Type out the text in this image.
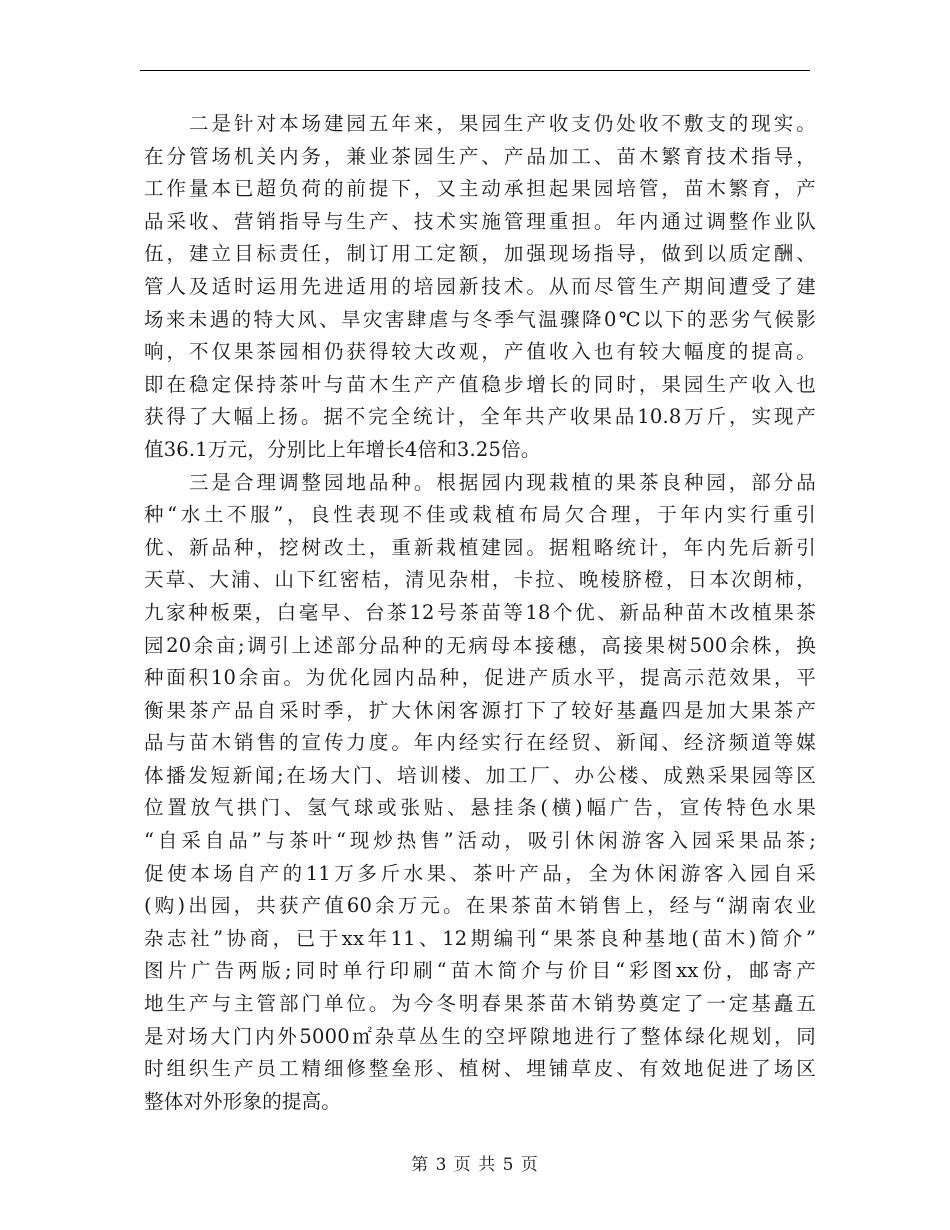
　　二是针对本场建园五年来，果园生产收支仍处收不敷支的现实。
在分管场机关内务，兼业茶园生产、产品加工、苗木繁育技术指导，
工作量本已超负荷的前提下，又主动承担起果园培管，苗木繁育，产
品采收、营销指导与生产、技术实施管理重担。年内通过调整作业队
伍，建立目标责任，制订用工定额，加强现场指导，做到以质定酬、
管人及适时运用先进适用的培园新技术。从而尽管生产期间遭受了建
场来未遇的特大风、旱灾害肆虐与冬季气温骤降0℃以下的恶劣气候影
响，不仅果茶园相仍获得较大改观，产值收入也有较大幅度的提高。
即在稳定保持茶叶与苗木生产产值稳步增长的同时，果园生产收入也
获得了大幅上扬。据不完全统计，全年共产收果品10.8万斤，实现产
值36.1万元，分别比上年增长4倍和3.25倍。
　　三是合理调整园地品种。根据园内现栽植的果茶良种园，部分品
种“水土不服”，良性表现不佳或栽植布局欠合理，于年内实行重引
优、新品种，挖树改土，重新栽植建园。据粗略统计，年内先后新引
天草、大浦、山下红密桔，清见杂柑，卡拉、晚棱脐橙，日本次朗柿，
九家种板栗，白毫早、台茶12号茶苗等18个优、新品种苗木改植果茶
园20余亩;调引上述部分品种的无病母本接穗，高接果树500余株，换
种面积10余亩。为优化园内品种，促进产质水平，提高示范效果，平
衡果茶产品自采时季，扩大休闲客源打下了较好基矗四是加大果茶产
品与苗木销售的宣传力度。年内经实行在经贸、新闻、经济频道等媒
体播发短新闻;在场大门、培训楼、加工厂、办公楼、成熟采果园等区
位置放气拱门、氢气球或张贴、悬挂条(横)幅广告，宣传特色水果
“自采自品”与茶叶“现炒热售”活动，吸引休闲游客入园采果品茶;
促使本场自产的11万多斤水果、茶叶产品，全为休闲游客入园自采
(购)出园，共获产值60余万元。在果茶苗木销售上，经与“湖南农业
杂志社”协商，已于xx年11、12期编刊“果茶良种基地(苗木)简介”
图片广告两版;同时单行印刷“苗木简介与价目“彩图xx份，邮寄产
地生产与主管部门单位。为今冬明春果茶苗木销势奠定了一定基矗五
是对场大门内外5000㎡杂草丛生的空坪隙地进行了整体绿化规划，同
时组织生产员工精细修整垒形、植树、埋铺草皮、有效地促进了场区
整体对外形象的提高。
第 3 页 共 5 页
